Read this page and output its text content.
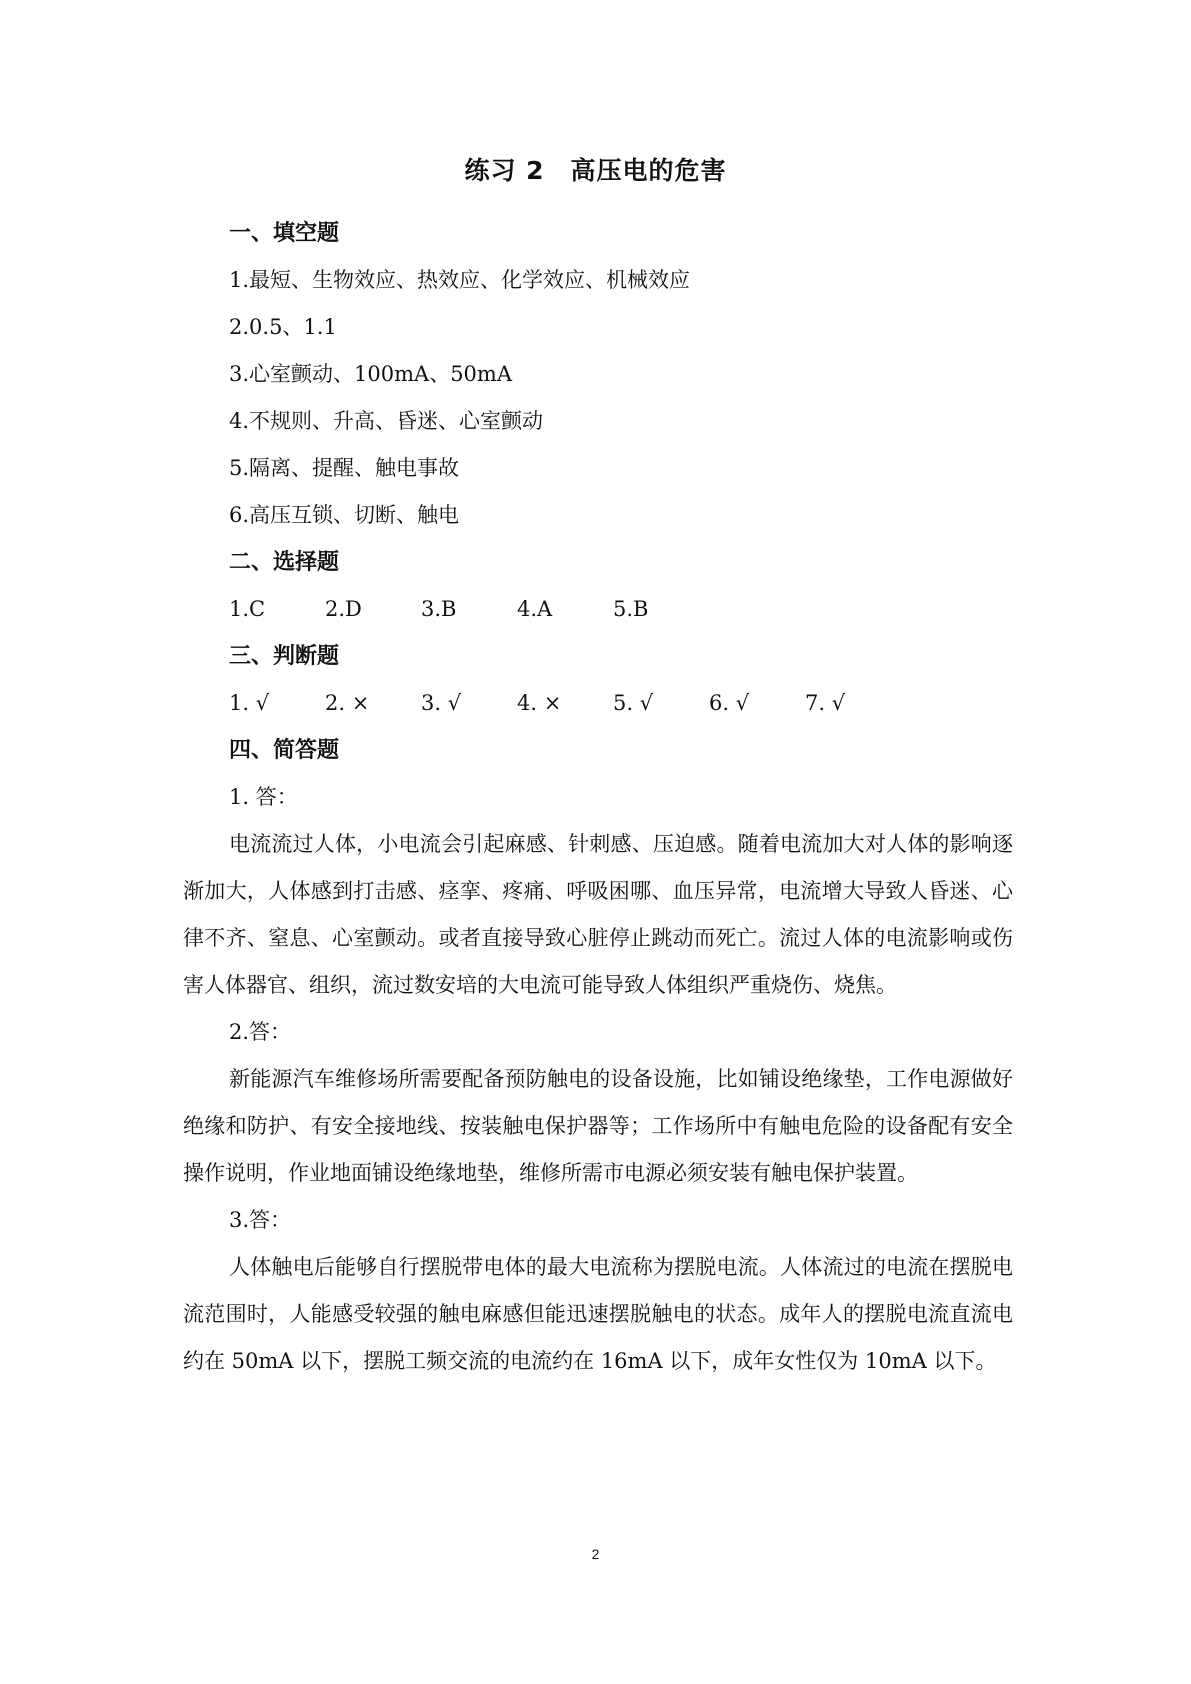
练习 2　高压电的危害
一、填空题
1.最短、生物效应、热效应、化学效应、机械效应
2.0.5、1.1
3.心室颤动、100mA、50mA
4.不规则、升高、昏迷、心室颤动
5.隔离、提醒、触电事故
6.高压互锁、切断、触电
二、选择题
1.C	2.D	3.B	4.A	5.B
三、判断题
1. √	2. × 3. √	4. × 5. √	6. √	7. √
四、简答题
1. 答：

电流流过人体，小电流会引起麻感、针刺感、压迫感。随着电流加大对人体的影响逐渐加大，人体感到打击感、痉挛、疼痛、呼吸困哪、血压异常，电流增大导致人昏迷、心律不齐、窒息、心室颤动。或者直接导致心脏停止跳动而死亡。流过人体的电流影响或伤害人体器官、组织，流过数安培的大电流可能导致人体组织严重烧伤、烧焦。

2.答：

新能源汽车维修场所需要配备预防触电的设备设施，比如铺设绝缘垫，工作电源做好绝缘和防护、有安全接地线、按装触电保护器等；工作场所中有触电危险的设备配有安全操作说明，作业地面铺设绝缘地垫，维修所需市电源必须安装有触电保护装置。

3.答：

人体触电后能够自行摆脱带电体的最大电流称为摆脱电流。人体流过的电流在摆脱电流范围时，人能感受较强的触电麻感但能迅速摆脱触电的状态。成年人的摆脱电流直流电约在 50mA 以下，摆脱工频交流的电流约在 16mA 以下，成年女性仅为 10mA 以下。

2
